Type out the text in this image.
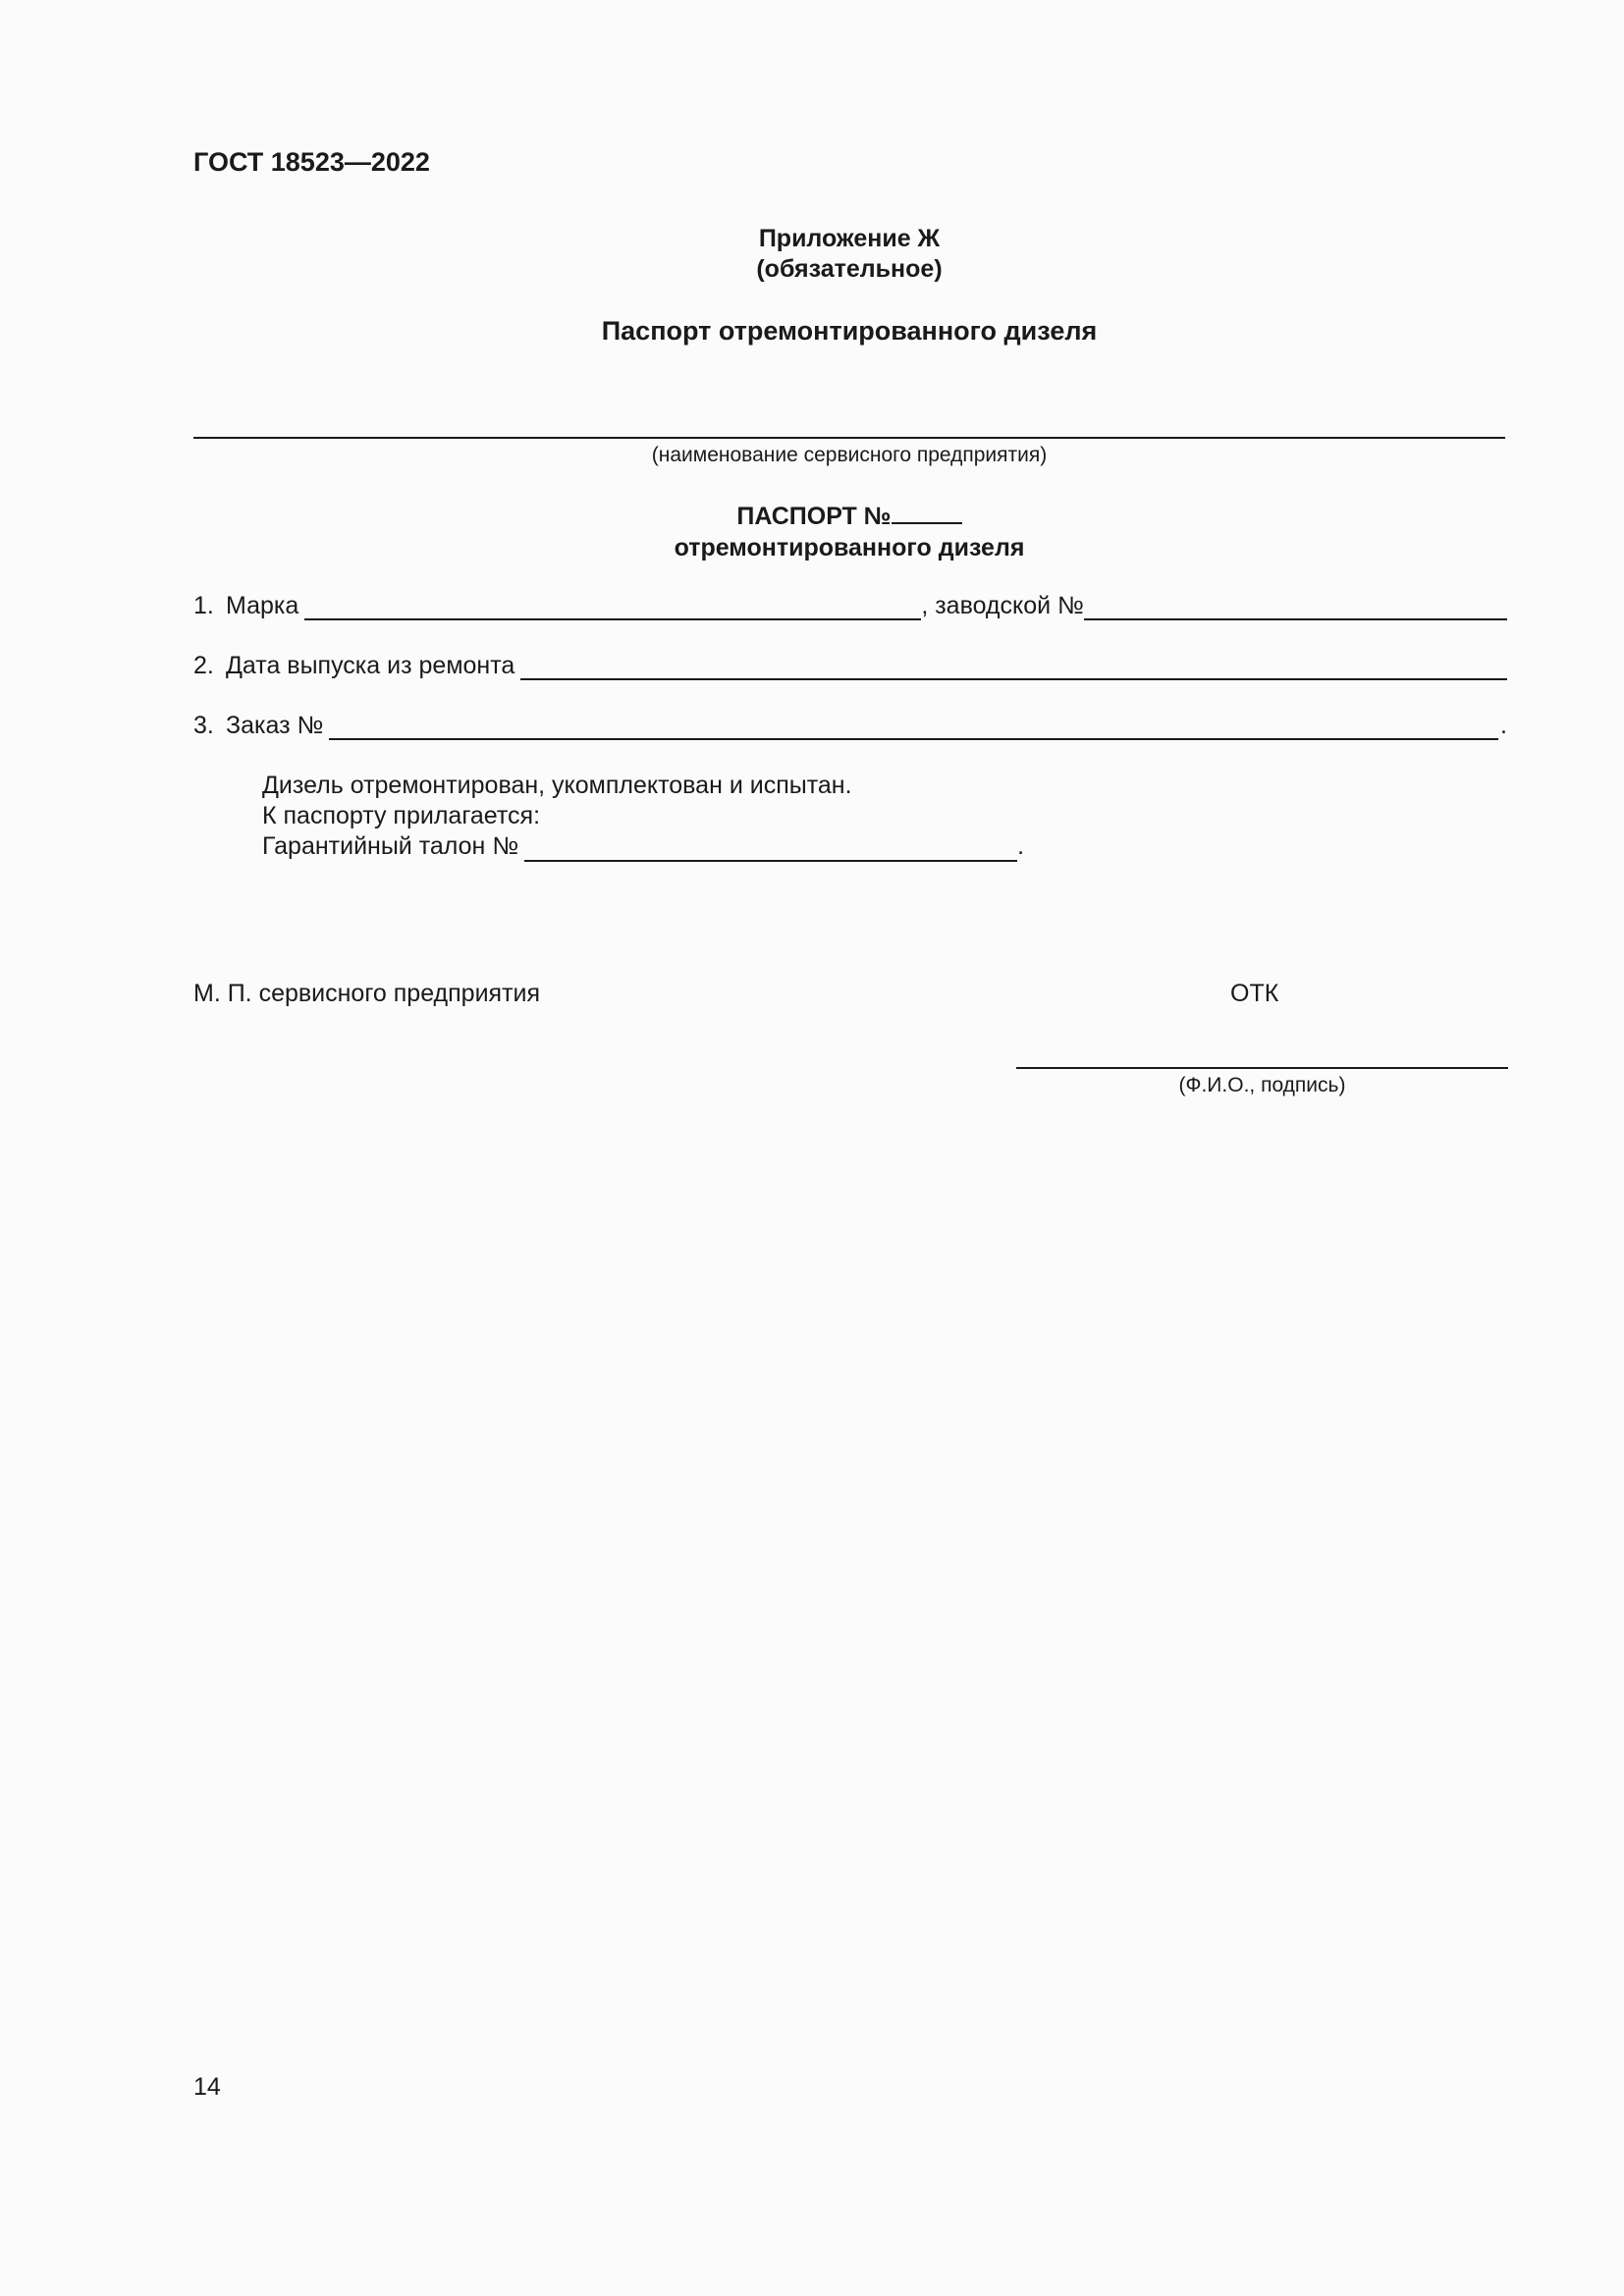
ГОСТ 18523—2022
Приложение Ж
(обязательное)
Паспорт отремонтированного дизеля
(наименование сервисного предприятия)
ПАСПОРТ №
отремонтированного дизеля
1. Марка	, заводской №
2. Дата выпуска из ремонта
3. Заказ №	.
Дизель отремонтирован, укомплектован и испытан.
К паспорту прилагается:
Гарантийный талон №	.
М. П. сервисного предприятия	ОТК
(Ф.И.О., подпись)
14
